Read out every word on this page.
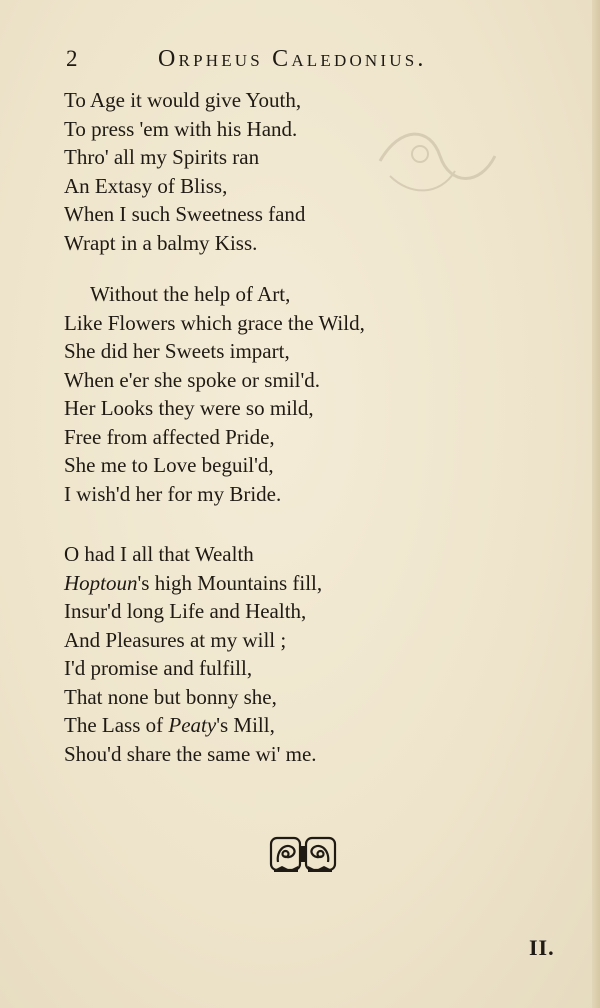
2	Orpheus Caledonius.
To Age it would give Youth,
To press 'em with his Hand.
Thro' all my Spirits ran
An Extasy of Bliss,
When I such Sweetness fand
Wrapt in a balmy Kiss.
Without the help of Art,
Like Flowers which grace the Wild,
She did her Sweets impart,
When e'er she spoke or smil'd.
Her Looks they were so mild,
Free from affected Pride,
She me to Love beguil'd,
I wish'd her for my Bride.
O had I all that Wealth
Hoptoun's high Mountains fill,
Insur'd long Life and Health,
And Pleasures at my will ;
I'd promise and fulfill,
That none but bonny she,
The Lass of Peaty's Mill,
Shou'd share the same wi' me.
II.
